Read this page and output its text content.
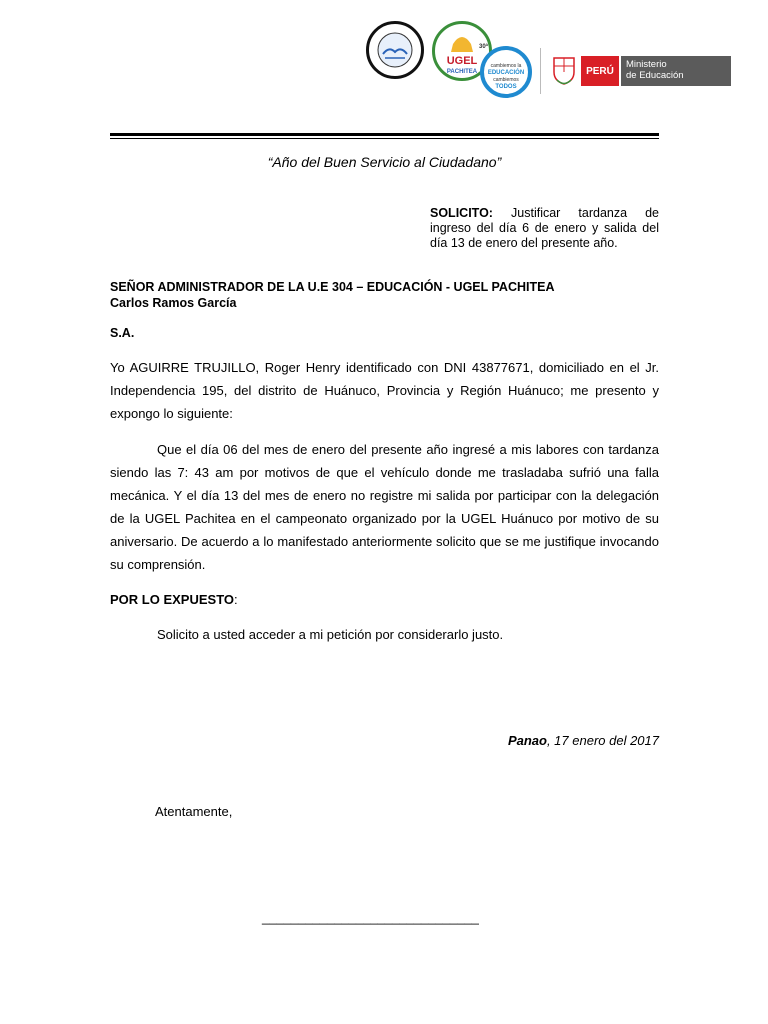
UGEL
PACHITEA
30ª
cambiemos la
EDUCACIÓN
cambiemos
TODOS
PERÚ
Ministerio
de Educación
“Año del Buen Servicio al Ciudadano”
SOLICITO: Justificar tardanza de ingreso del día 6 de enero y salida del día 13 de enero del presente año.
SEÑOR ADMINISTRADOR DE LA U.E 304 – EDUCACIÓN - UGEL PACHITEA
Carlos Ramos García
S.A.
Yo AGUIRRE TRUJILLO, Roger Henry identificado con DNI 43877671, domiciliado en el Jr. Independencia 195, del distrito de Huánuco, Provincia y Región Huánuco; me presento y expongo lo siguiente:
Que el día 06 del mes de enero del presente año ingresé a mis labores con tardanza siendo las 7: 43 am por motivos de que el vehículo donde me trasladaba sufrió una falla mecánica. Y el día 13 del mes de enero no registre mi salida por participar con la delegación de la UGEL Pachitea en el campeonato organizado por la UGEL Huánuco por motivo de su aniversario. De acuerdo a lo manifestado anteriormente solicito que se me justifique invocando su comprensión.
POR LO EXPUESTO:
Solicito a usted acceder a mi petición por considerarlo justo.
Panao, 17 enero del 2017
Atentamente,
______________________________
